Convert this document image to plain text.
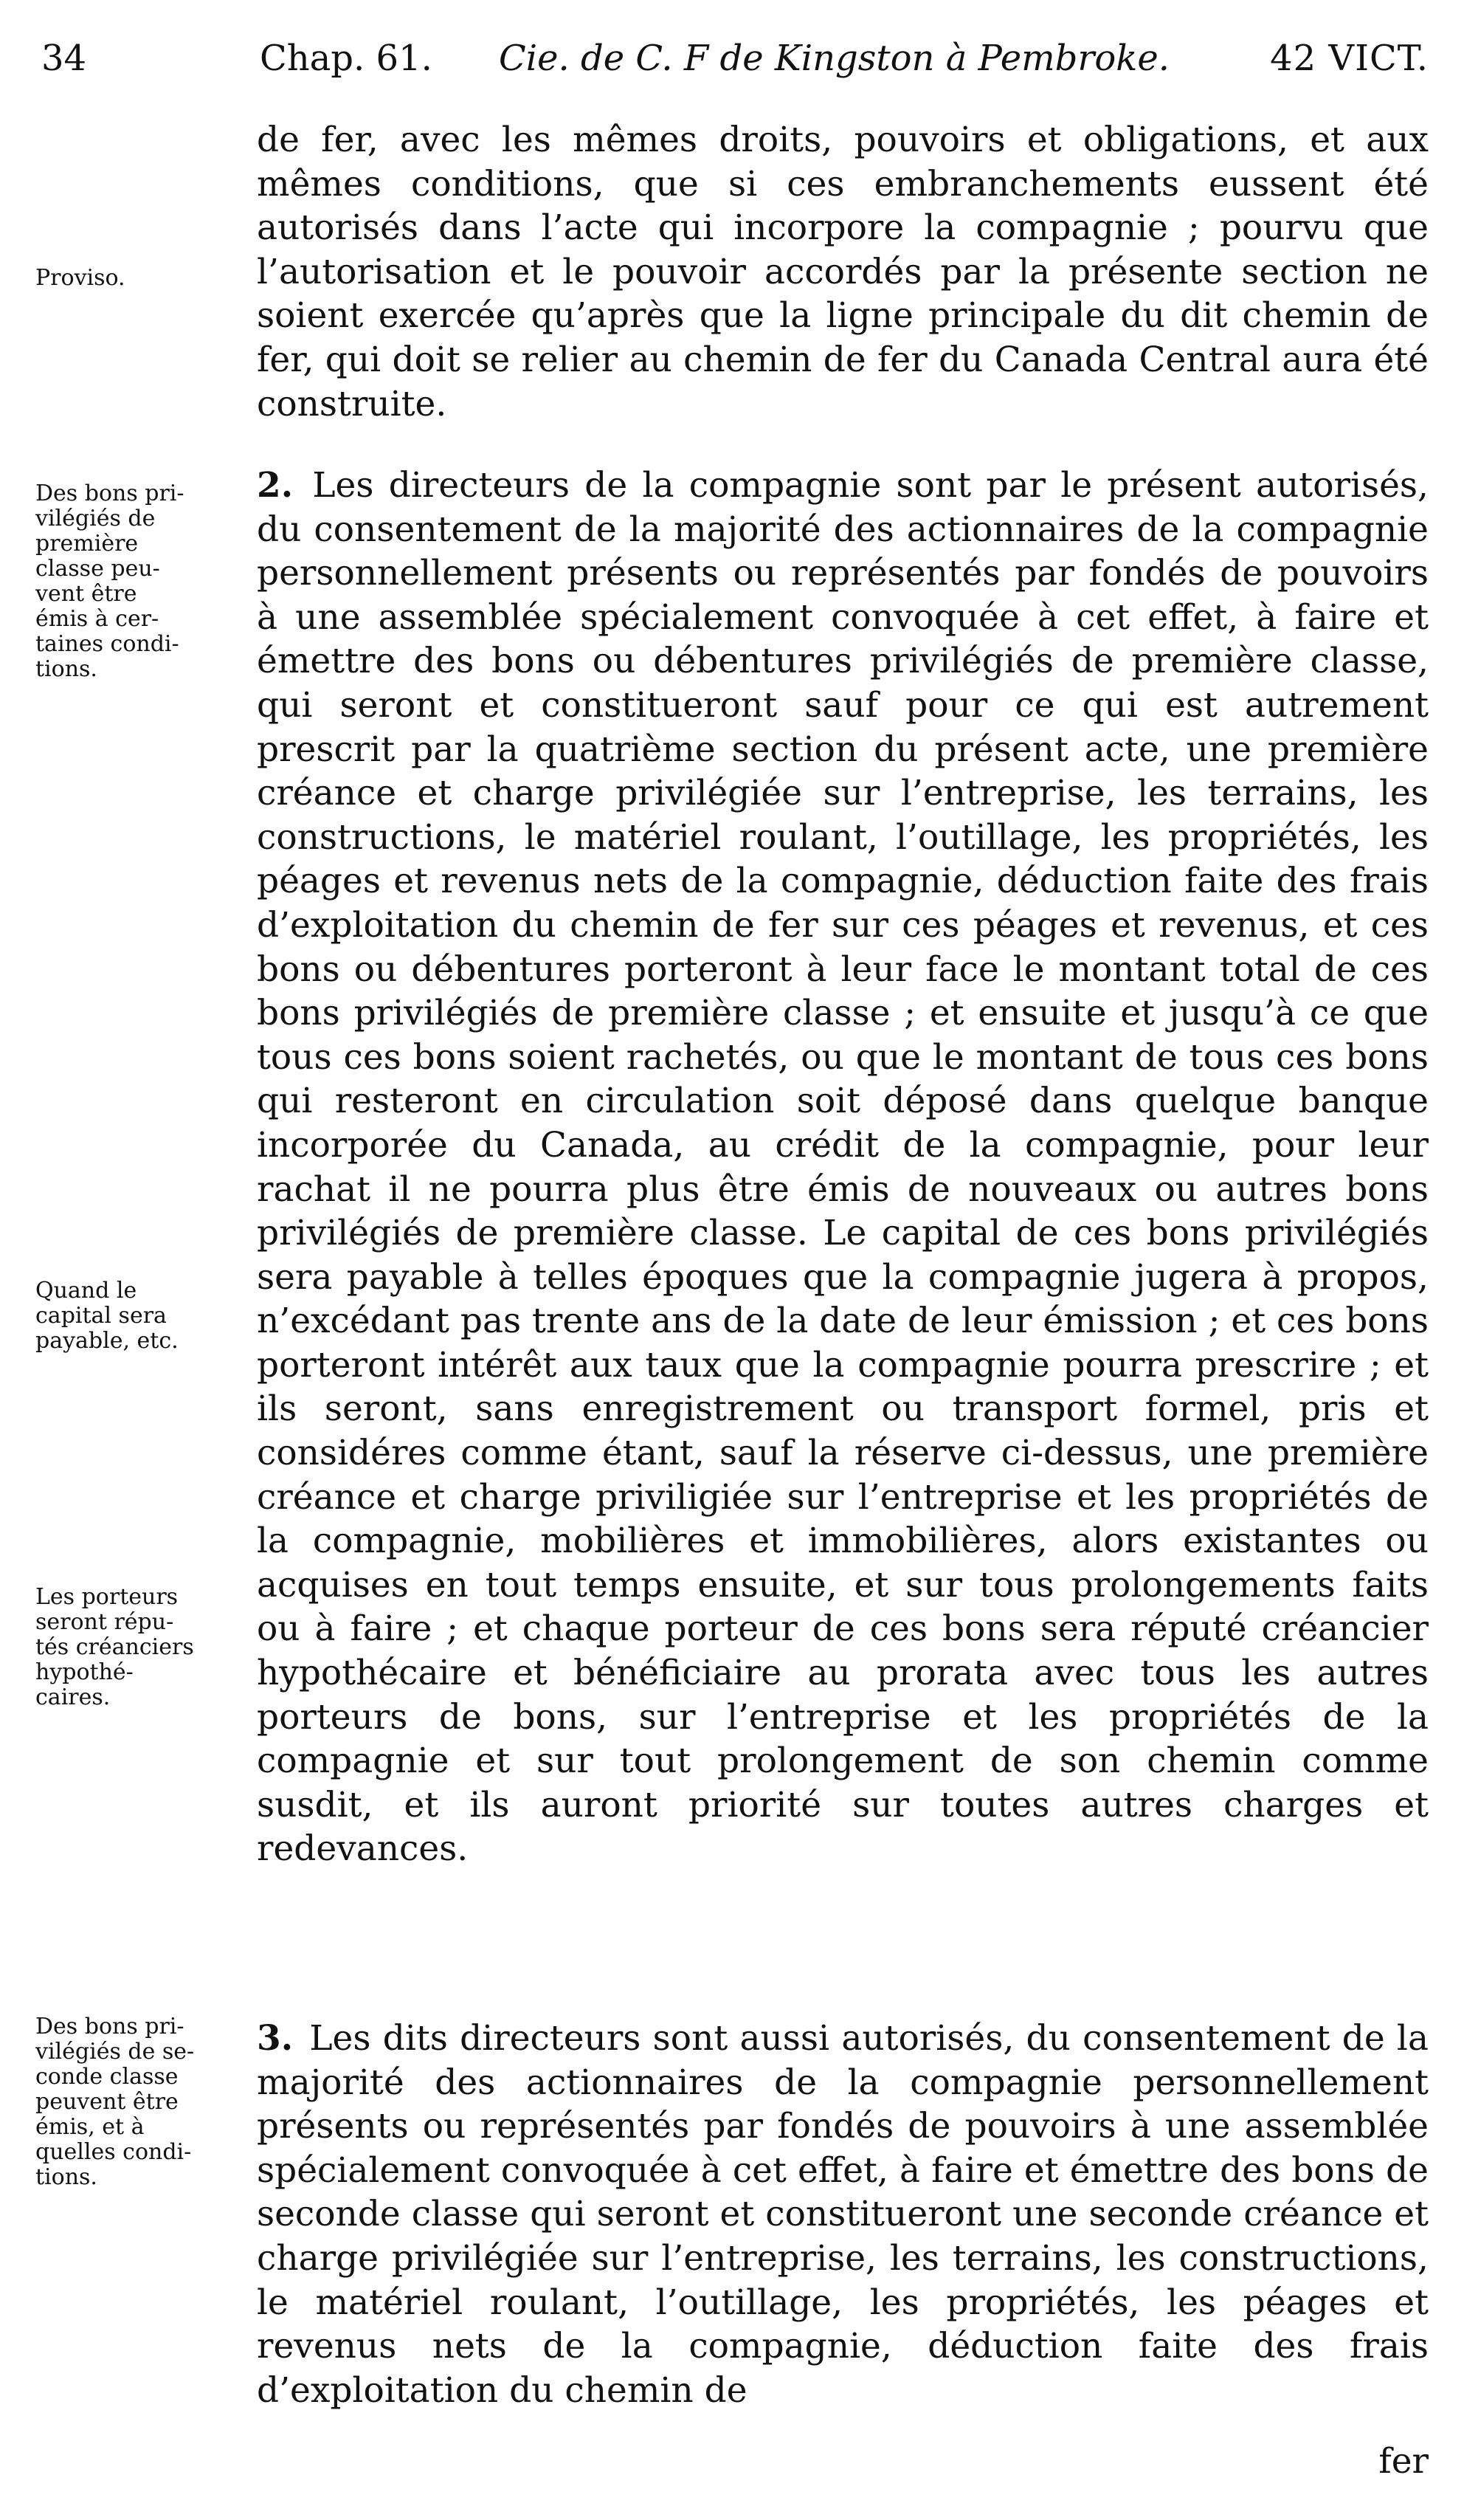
34	Chap. 61. Cie. de C. F de Kingston à Pembroke.	42 VICT.
Proviso.
Des bons pri-
vilégiés de
première
classe peu-
vent être
émis à cer-
taines condi-
tions.
Quand le
capital sera
payable, etc.
Les porteurs
seront répu-
tés créanciers
hypothé-
caires.
Des bons pri-
vilégiés de se-
conde classe
peuvent être
émis, et à
quelles condi-
tions.
de fer, avec les mêmes droits, pouvoirs et obligations, et aux mêmes conditions, que si ces embranchements eussent été autorisés dans l’acte qui incorpore la compagnie ; pourvu que l’autorisation et le pouvoir accordés par la présente section ne soient exercée qu’après que la ligne principale du dit chemin de fer, qui doit se relier au chemin de fer du Canada Central aura été construite.
2. Les directeurs de la compagnie sont par le présent autorisés, du consentement de la majorité des actionnaires de la compagnie personnellement présents ou représentés par fondés de pouvoirs à une assemblée spécialement convoquée à cet effet, à faire et émettre des bons ou débentures privilégiés de première classe, qui seront et constitueront sauf pour ce qui est autrement prescrit par la quatrième section du présent acte, une première créance et charge privilégiée sur l’entreprise, les terrains, les constructions, le matériel roulant, l’outillage, les propriétés, les péages et revenus nets de la compagnie, déduction faite des frais d’exploitation du chemin de fer sur ces péages et revenus, et ces bons ou débentures porteront à leur face le montant total de ces bons privilégiés de première classe ; et ensuite et jusqu’à ce que tous ces bons soient rachetés, ou que le montant de tous ces bons qui resteront en circulation soit déposé dans quelque banque incorporée du Canada, au crédit de la compagnie, pour leur rachat il ne pourra plus être émis de nouveaux ou autres bons privilégiés de première classe. Le capital de ces bons privilégiés sera payable à telles époques que la compagnie jugera à propos, n’excédant pas trente ans de la date de leur émission ; et ces bons porteront intérêt aux taux que la compagnie pourra prescrire ; et ils seront, sans enregistrement ou transport formel, pris et considéres comme étant, sauf la réserve ci-dessus, une première créance et charge priviligiée sur l’entreprise et les propriétés de la compagnie, mobilières et immobilières, alors existantes ou acquises en tout temps ensuite, et sur tous prolongements faits ou à faire ; et chaque porteur de ces bons sera réputé créancier hypothécaire et bénéficiaire au prorata avec tous les autres porteurs de bons, sur l’entreprise et les propriétés de la compagnie et sur tout prolongement de son chemin comme susdit, et ils auront priorité sur toutes autres charges et redevances.
3. Les dits directeurs sont aussi autorisés, du consentement de la majorité des actionnaires de la compagnie personnellement présents ou représentés par fondés de pouvoirs à une assemblée spécialement convoquée à cet effet, à faire et émettre des bons de seconde classe qui seront et constitueront une seconde créance et charge privilégiée sur l’entreprise, les terrains, les constructions, le matériel roulant, l’outillage, les propriétés, les péages et revenus nets de la compagnie, déduction faite des frais d’exploitation du chemin de
fer
